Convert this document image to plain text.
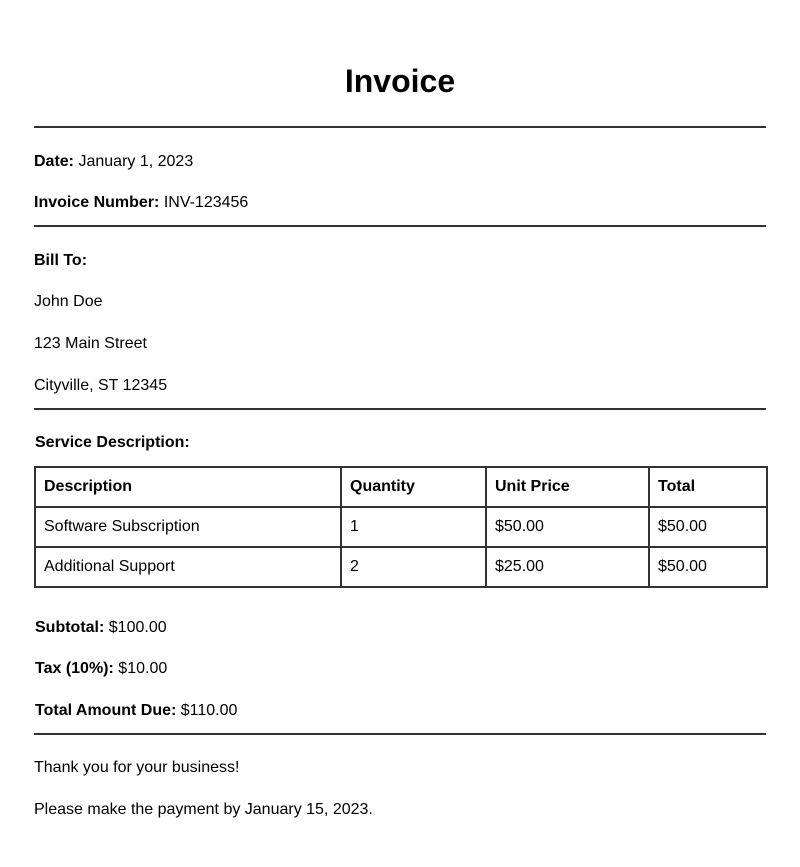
Invoice
Date: January 1, 2023
Invoice Number: INV-123456
Bill To:
John Doe
123 Main Street
Cityville, ST 12345
Service Description:
Description	Quantity	Unit Price	Total
Software Subscription	1	$50.00	$50.00
Additional Support	2	$25.00	$50.00
Subtotal: $100.00
Tax (10%): $10.00
Total Amount Due: $110.00
Thank you for your business!
Please make the payment by January 15, 2023.
